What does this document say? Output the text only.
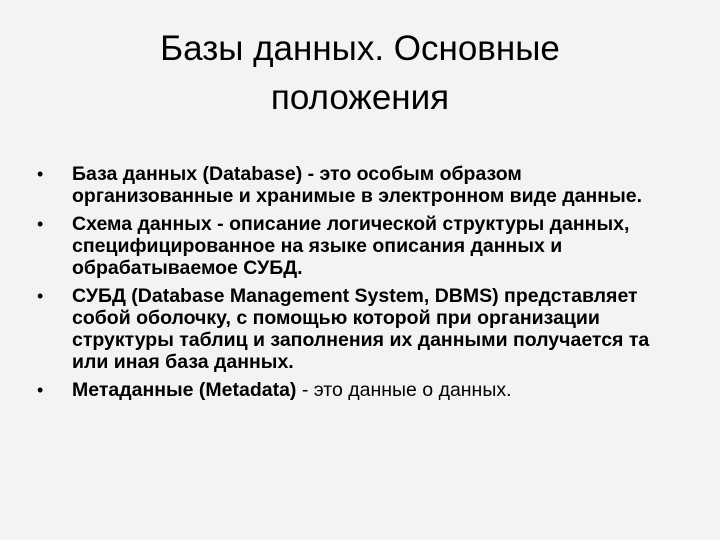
Базы данных. Основные
положения
• База данных (Database) - это особым образом организованные и хранимые в электронном виде данные.
• Схема данных - описание логической структуры данных, специфицированное на языке описания данных и обрабатываемое СУБД.
• СУБД (Database Management System, DBMS) представляет собой оболочку, с помощью которой при организации структуры таблиц и заполнения их данными получается та или иная база данных.
• Метаданные (Metadata) - это данные о данных.
